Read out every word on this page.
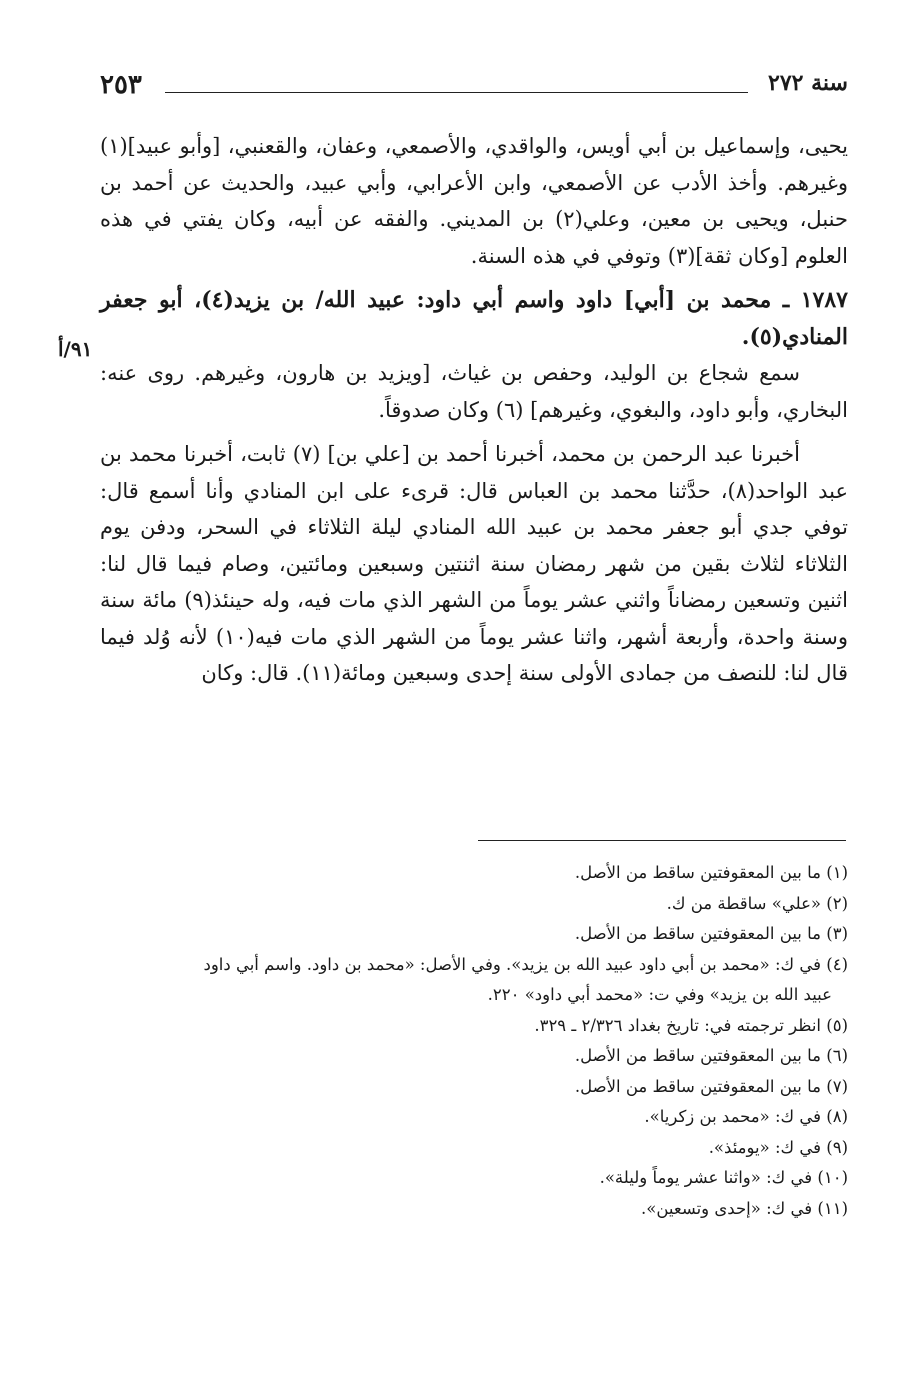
سنة ٢٧٢
٢٥٣
٩١/أ

يحيى، وإسماعيل بن أبي أويس، والواقدي، والأصمعي، وعفان، والقعنبي، [وأبو عبيد](١) وغيرهم. وأخذ الأدب عن الأصمعي، وابن الأعرابي، وأبي عبيد، والحديث عن أحمد بن حنبل، ويحيى بن معين، وعلي(٢) بن المديني. والفقه عن أبيه، وكان يفتي في هذه العلوم [وكان ثقة](٣) وتوفي في هذه السنة.

١٧٨٧ ـ محمد بن [أبي] داود واسم أبي داود: عبيد الله/ بن يزيد(٤)، أبو جعفر المنادي(٥).

سمع شجاع بن الوليد، وحفص بن غياث، [ويزيد بن هارون، وغيرهم. روى عنه: البخاري، وأبو داود، والبغوي، وغيرهم] (٦) وكان صدوقاً.

أخبرنا عبد الرحمن بن محمد، أخبرنا أحمد بن [علي بن] (٧) ثابت، أخبرنا محمد بن عبد الواحد(٨)، حدَّثنا محمد بن العباس قال: قرىء على ابن المنادي وأنا أسمع قال: توفي جدي أبو جعفر محمد بن عبيد الله المنادي ليلة الثلاثاء في السحر، ودفن يوم الثلاثاء لثلاث بقين من شهر رمضان سنة اثنتين وسبعين ومائتين، وصام فيما قال لنا: اثنين وتسعين رمضاناً واثني عشر يوماً من الشهر الذي مات فيه، وله حينئذ(٩) مائة سنة وسنة واحدة، وأربعة أشهر، واثنا عشر يوماً من الشهر الذي مات فيه(١٠) لأنه وُلد فيما قال لنا: للنصف من جمادى الأولى سنة إحدى وسبعين ومائة(١١). قال: وكان

(١) ما بين المعقوفتين ساقط من الأصل.

(٢) «علي» ساقطة من ك.

(٣) ما بين المعقوفتين ساقط من الأصل.

(٤) في ك: «محمد بن أبي داود عبيد الله بن يزيد». وفي الأصل: «محمد بن داود. واسم أبي داود

عبيد الله بن يزيد» وفي ت: «محمد أبي داود» ٢٢٠.

(٥) انظر ترجمته في: تاريخ بغداد ٢/٣٢٦ ـ ٣٢٩.

(٦) ما بين المعقوفتين ساقط من الأصل.

(٧) ما بين المعقوفتين ساقط من الأصل.

(٨) في ك: «محمد بن زكريا».

(٩) في ك: «يومئذ».

(١٠) في ك: «واثنا عشر يوماً وليلة».

(١١) في ك: «إحدى وتسعين».
